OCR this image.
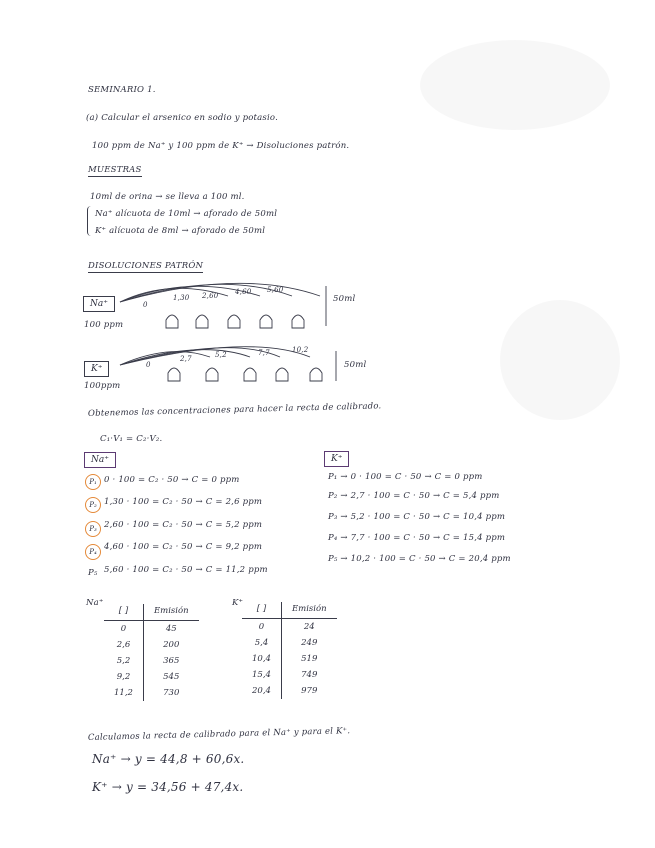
SEMINARIO 1.
(a) Calcular el arsenico en sodio y potasio.
100 ppm de Na⁺ y 100 ppm de K⁺ → Disoluciones patrón.
MUESTRAS
10ml de orina → se lleva a 100 ml.
Na⁺ alícuota de 10ml → aforado de 50ml
K⁺ alícuota de 8ml → aforado de 50ml
DISOLUCIONES PATRÓN
Na⁺
100 ppm
0
1,30 2,60 4,60 5,60
50ml
K⁺
100ppm
0
2,7	5,2	7,7	10,2
50ml
Obtenemos las concentraciones para hacer la recta de calibrado.
C₁·V₁ = C₂·V₂.
Na⁺
P₁ 0 · 100 = C₂ · 50 → C = 0 ppm
P₂ 1,30 · 100 = C₂ · 50 → C = 2,6 ppm
P₃ 2,60 · 100 = C₂ · 50 → C = 5,2 ppm
P₄ 4,60 · 100 = C₂ · 50 → C = 9,2 ppm
P₅ 5,60 · 100 = C₂ · 50 → C = 11,2 ppm
K⁺
P₁ → 0 · 100 = C · 50 → C = 0 ppm
P₂ → 2,7 · 100 = C · 50 → C = 5,4 ppm
P₃ → 5,2 · 100 = C · 50 → C = 10,4 ppm
P₄ → 7,7 · 100 = C · 50 → C = 15,4 ppm
P₅ → 10,2 · 100 = C · 50 → C = 20,4 ppm
Na⁺
[ ]	Emisión
0	45
2,6	200
5,2	365
9,2	545
11,2	730
K⁺
[ ]	Emisión
0	24
5,4	249
10,4	519
15,4	749
20,4	979
Calculamos la recta de calibrado para el Na⁺ y para el K⁺.
Na⁺ → y = 44,8 + 60,6x.
K⁺ → y = 34,56 + 47,4x.
